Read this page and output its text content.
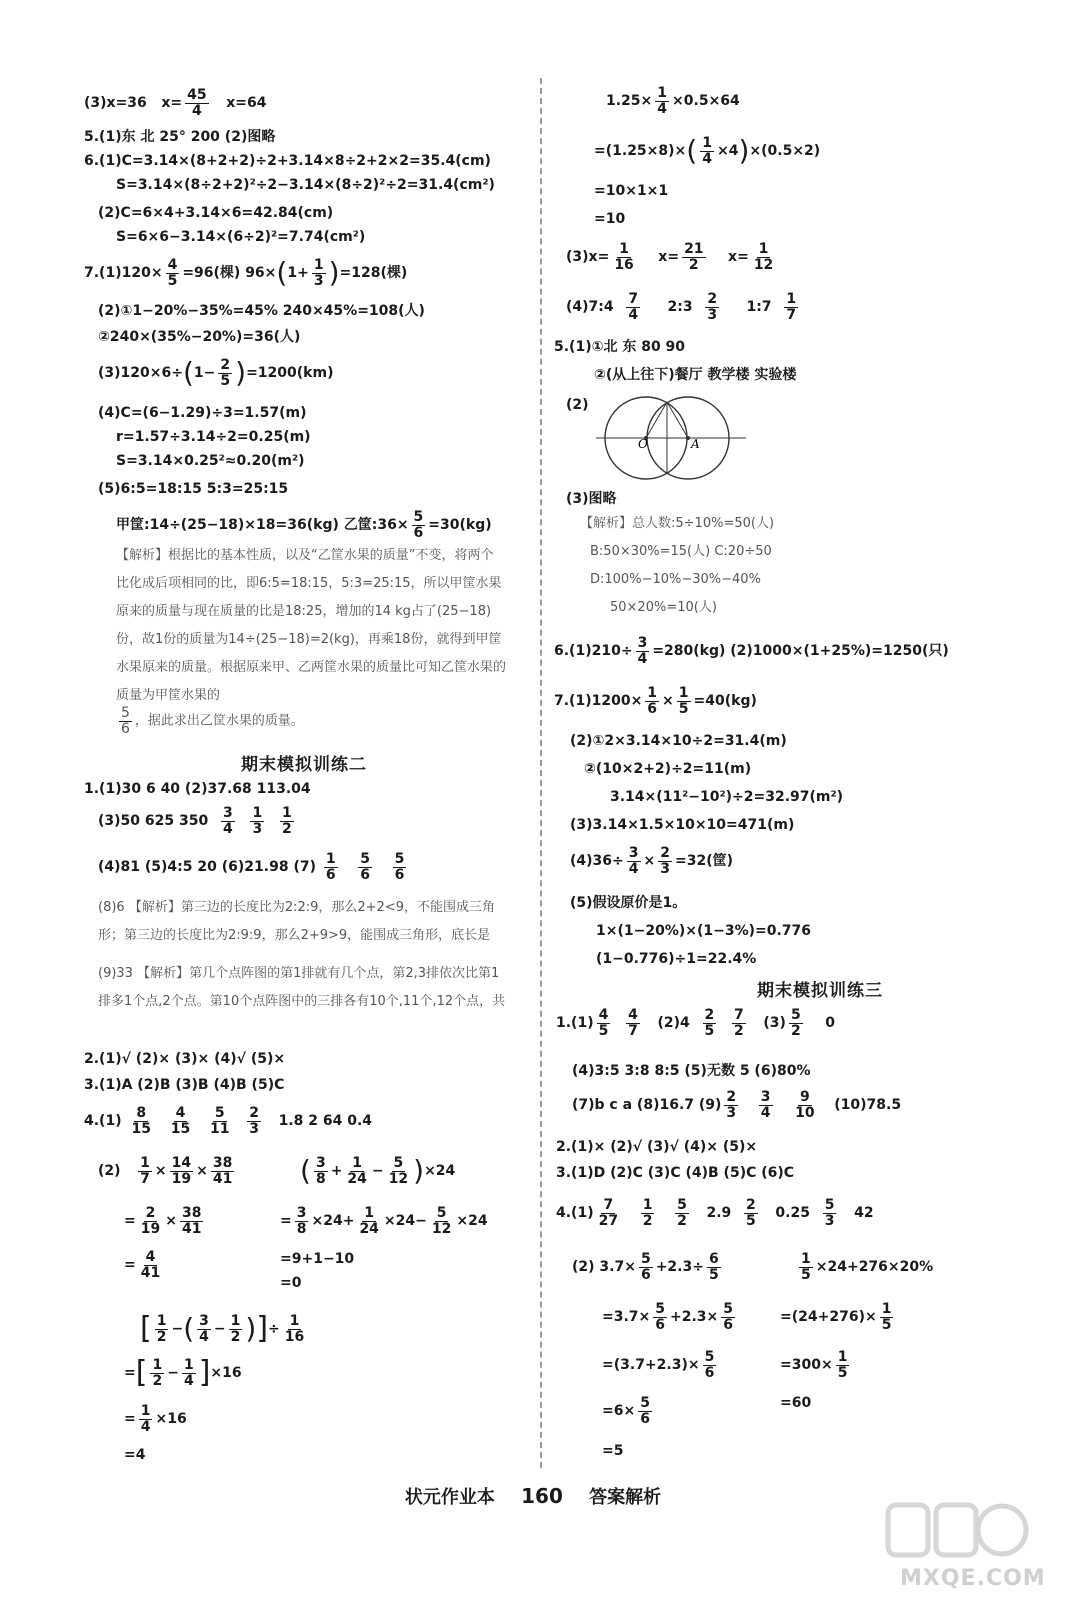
(3)x=36 $x= \frac{45}{4} x=64$
5.(1)东 北 25° 200 (2)图略
6.(1)C=3.14×(8+2+2)÷2+3.14×8÷2+2×2=35.4(cm)
S=3.14×(8÷2+2)²÷2−3.14×(8÷2)²÷2=31.4(cm²)
(2)C=6×4+3.14×6=42.84(cm)
S=6×6−3.14×(6÷2)²=7.74(cm²)
$7.(1)120\times \frac{4}{5} =96$(棵) $96\times(1+ \frac{1}{3} )=128$(棵)
(2)①1−20%−35%=45% 240×45%=108(人)
②240×(35%−20%)=36(人)
$(3)120\times 6\div(1- \frac{2}{5} )=1200(km)$
(4)C=(6−1.29)÷3=1.57(m)
r=1.57÷3.14÷2=0.25(m)
S=3.14×0.25²≈0.20(m²)
(5)6:5=18:15 5:3=25:15
甲筐:14÷(25−18)×18=36(kg) 乙筐:36× $\frac{5}{6} =30(kg)$
【解析】根据比的基本性质，以及“乙筐水果的质量”不变，将两个比化成后项相同的比，即6:5=18:15，5:3=25:15，所以甲筐水果原来的质量与现在质量的比是18:25，增加的14 kg占了(25−18)份，故1份的质量为14÷(25−18)=2(kg)，再乘18份，就得到甲筐水果原来的质量。根据原来甲、乙两筐水果的质量比可知乙筐水果的质量为甲筐水果的
$\frac{5}{6}$ ，据此求出乙筐水果的质量。
期末模拟训练二
1.(1)30 6 40 (2)37.68 113.04
(3)50 625 $350 \frac{3}{4}$
$\frac{1}{3}$
$\frac{1}{2}$
(4)81 (5)4:5 20 (6)21.98 $(7) \frac{1}{6}$
$\frac{5}{6}$
$\frac{5}{6}$
(8)6 【解析】第三边的长度比为2:2:9，那么2+2<9，不能围成三角形；第三边的长度比为2:9:9，那么2+9>9，能围成三角形，底长是
(9)33 【解析】第几个点阵图的第1排就有几个点，第2,3排依次比第1排多1个点,2个点。第10个点阵图中的三排各有10个,11个,12个点，共
2.(1)√ (2)× (3)× (4)√ (5)×
3.(1)A (2)B (3)B (4)B (5)C
$4.(1) \frac{8}{15}$
$\frac{4}{15}$
$\frac{5}{11}$
$\frac{2}{3} 1.8$ 2 64 0.4
$(2) \frac{1}{7} \times \frac{14}{19} \times \frac{38}{41}$
= $\frac{2}{19} \times \frac{38}{41}$
= $\frac{4}{41}$
( $\frac{3}{8} + \frac{1}{24} - \frac{5}{12} )\times 24$
= $\frac{3}{8} \times 24+ \frac{1}{24} \times 24- \frac{5}{12} \times 24$
=9+1−10
=0
[ $\frac{1}{2}$ −( $\frac{3}{4} - \frac{1}{2}$ )]÷ $\frac{1}{16}$
=[ $\frac{1}{2} - \frac{1}{4} ]\times 16$
= $\frac{1}{4} \times 16$
=4
$1.25\times \frac{1}{4} \times 0.5\times 64$
$=(1.25\times 8)\times( \frac{1}{4} \times 4)\times(0.5\times 2)$
=10×1×1
=10
$(3)x= \frac{1}{16} x= \frac{21}{2} x= \frac{1}{12}$
(4)7:4 $\frac{7}{4}$ 2:3 $\frac{2}{3}$ 1:7 $\frac{1}{7}$
5.(1)①北 东 80 90
②(从上往下)餐厅 教学楼 实验楼
(2)
O	A
(3)图略
【解析】总人数:5÷10%=50(人)
B:50×30%=15(人) C:20÷50
D:100%−10%−30%−40%
50×20%=10(人)
$6.(1)210\div \frac{3}{4} =280(kg)$ (2)1000×(1+25%)=1250(只)
$7.(1)1200\times \frac{1}{6} \times \frac{1}{5} =40(kg)$
(2)①2×3.14×10÷2=31.4(m)
②(10×2+2)÷2=11(m)
3.14×(11²−10²)÷2=32.97(m²)
(3)3.14×1.5×10×10=471(m)
$(4)36\div \frac{3}{4} \times \frac{2}{3} =32$(筐)
(5)假设原价是1。
1×(1−20%)×(1−3%)=0.776
(1−0.776)÷1=22.4%
期末模拟训练三
$1.(1) \frac{4}{5}$
$\frac{4}{7} (2)4 \frac{2}{5}$
$\frac{7}{2} (3) \frac{5}{2} 0$
(4)3:5 3:8 8:5 (5)无数 5 (6)80%
(7)b c a (8)16.7 $(9) \frac{2}{3}$
$\frac{3}{4}$
$\frac{9}{10} (10)78.5$
2.(1)× (2)√ (3)√ (4)× (5)×
3.(1)D (2)C (3)C (4)B (5)C (6)C
$4.(1) \frac{7}{27}$
$\frac{1}{2}$
$\frac{5}{2} 2.9 \frac{2}{5} 0.25 \frac{5}{3} 42$
(2) $3.7\times \frac{5}{6} +2.3\div \frac{6}{5}$
$=3.7\times \frac{5}{6} +2.3\times \frac{5}{6}$
$=(3.7+2.3)\times \frac{5}{6}$
$=6\times \frac{5}{6}$
=5
$\frac{1}{5} \times 24+276\times 20\%$
$=(24+276)\times \frac{1}{5}$
$=300\times \frac{1}{5}$
=60
状元作业本 160 答案解析
MXQE.COM
